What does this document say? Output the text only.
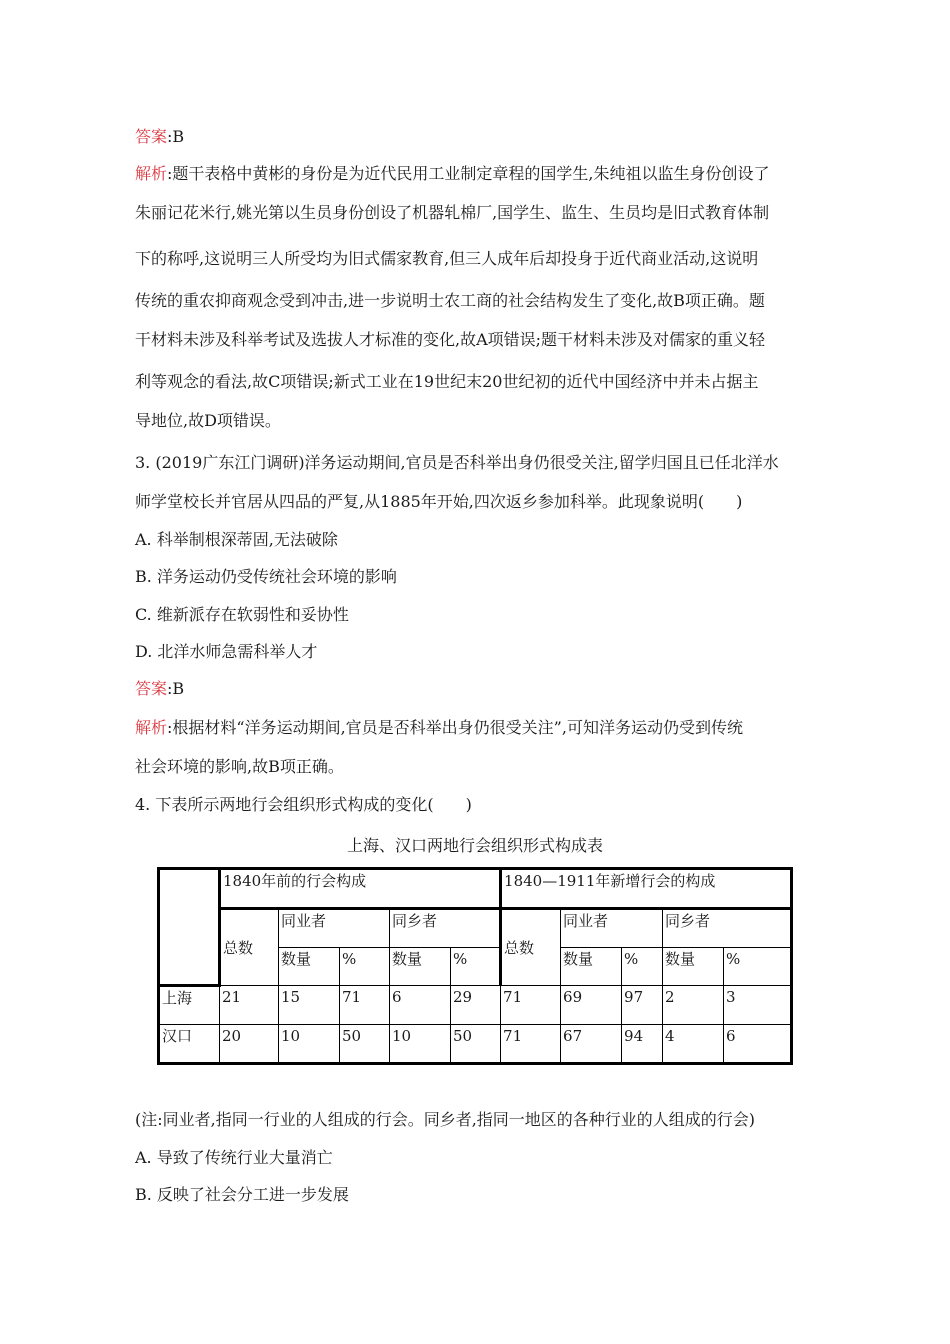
答案:B
解析:题干表格中黄彬的身份是为近代民用工业制定章程的国学生,朱纯祖以监生身份创设了
朱丽记花米行,姚光第以生员身份创设了机器轧棉厂,国学生、监生、生员均是旧式教育体制
下的称呼,这说明三人所受均为旧式儒家教育,但三人成年后却投身于近代商业活动,这说明
传统的重农抑商观念受到冲击,进一步说明士农工商的社会结构发生了变化,故B项正确。题
干材料未涉及科举考试及选拔人才标准的变化,故A项错误;题干材料未涉及对儒家的重义轻
利等观念的看法,故C项错误;新式工业在19世纪末20世纪初的近代中国经济中并未占据主
导地位,故D项错误。
3. (2019广东江门调研)洋务运动期间,官员是否科举出身仍很受关注,留学归国且已任北洋水
师学堂校长并官居从四品的严复,从1885年开始,四次返乡参加科举。此现象说明(　　)
A. 科举制根深蒂固,无法破除
B. 洋务运动仍受传统社会环境的影响
C. 维新派存在软弱性和妥协性
D. 北洋水师急需科举人才
答案:B
解析:根据材料“洋务运动期间,官员是否科举出身仍很受关注”,可知洋务运动仍受到传统
社会环境的影响,故B项正确。
4. 下表所示两地行会组织形式构成的变化(　　)
上海、汉口两地行会组织形式构成表
	1840年前的行会构成					1840—1911年新增行会的构成				
	总数	同业者		同乡者		总数	同业者		同乡者	
		数量	%	数量	%		数量	%	数量	%
上海	21	15	71	6	29	71	69	97	2	3
汉口	20	10	50	10	50	71	67	94	4	6
(注:同业者,指同一行业的人组成的行会。同乡者,指同一地区的各种行业的人组成的行会)
A. 导致了传统行业大量消亡
B. 反映了社会分工进一步发展
